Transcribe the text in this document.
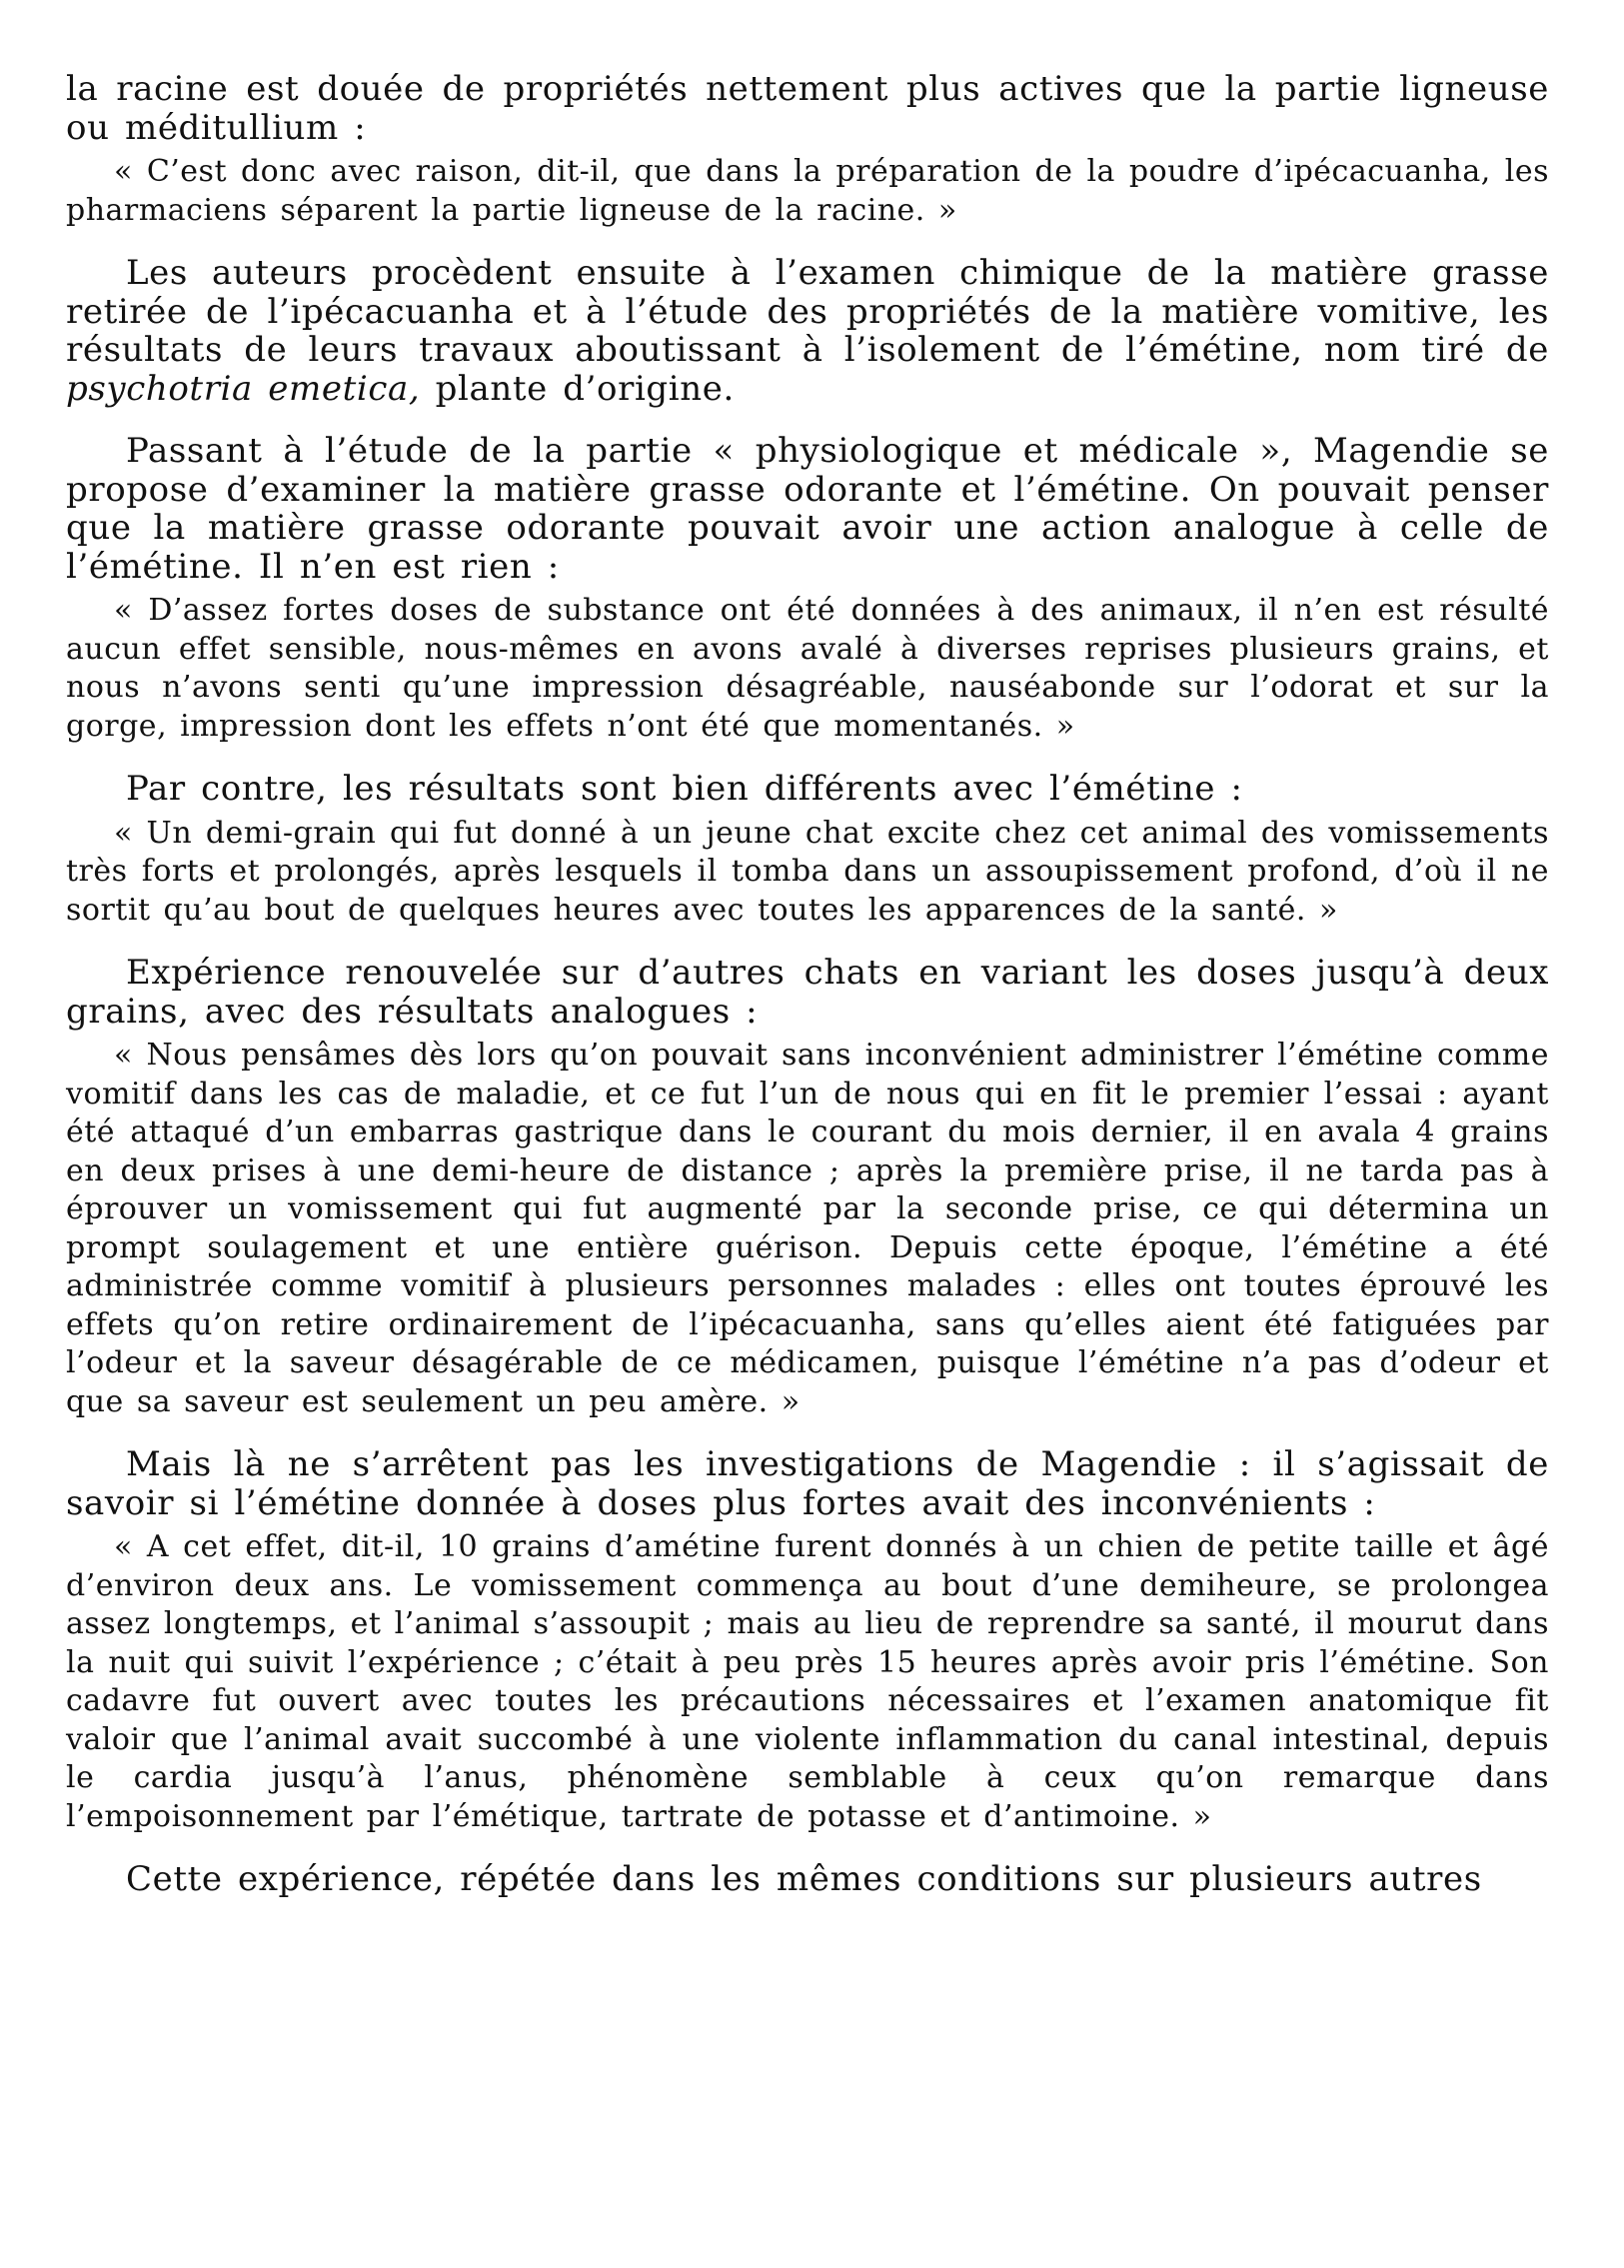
la racine est douée de propriétés nettement plus actives que la partie ligneuse ou méditullium :

« C’est donc avec raison, dit-il, que dans la préparation de la poudre d’ipécacuanha, les pharmaciens séparent la partie ligneuse de la racine. »

Les auteurs procèdent ensuite à l’examen chimique de la matière grasse retirée de l’ipécacuanha et à l’étude des propriétés de la matière vomitive, les résultats de leurs travaux aboutissant à l’isolement de l’émétine, nom tiré de psychotria emetica, plante d’origine.

Passant à l’étude de la partie « physiologique et médicale », Magendie se propose d’examiner la matière grasse odorante et l’émétine. On pouvait penser que la matière grasse odorante pouvait avoir une action analogue à celle de l’émétine. Il n’en est rien :

« D’assez fortes doses de substance ont été données à des animaux, il n’en est résulté aucun effet sensible, nous-mêmes en avons avalé à diverses reprises plusieurs grains, et nous n’avons senti qu’une impression désagréable, nauséabonde sur l’odorat et sur la gorge, impression dont les effets n’ont été que momentanés. »

Par contre, les résultats sont bien différents avec l’émétine :

« Un demi-grain qui fut donné à un jeune chat excite chez cet animal des vomissements très forts et prolongés, après lesquels il tomba dans un assoupissement profond, d’où il ne sortit qu’au bout de quelques heures avec toutes les apparences de la santé. »

Expérience renouvelée sur d’autres chats en variant les doses jusqu’à deux grains, avec des résultats analogues :

« Nous pensâmes dès lors qu’on pouvait sans inconvénient administrer l’émétine comme vomitif dans les cas de maladie, et ce fut l’un de nous qui en fit le premier l’essai : ayant été attaqué d’un embarras gastrique dans le courant du mois dernier, il en avala 4 grains en deux prises à une demi-heure de distance ; après la première prise, il ne tarda pas à éprouver un vomissement qui fut augmenté par la seconde prise, ce qui détermina un prompt soulagement et une entière guérison. Depuis cette époque, l’émétine a été administrée comme vomitif à plusieurs personnes malades : elles ont toutes éprouvé les effets qu’on retire ordinairement de l’ipécacuanha, sans qu’elles aient été fatiguées par l’odeur et la saveur désagérable de ce médicamen, puisque l’émétine n’a pas d’odeur et que sa saveur est seulement un peu amère. »

Mais là ne s’arrêtent pas les investigations de Magendie : il s’agissait de savoir si l’émétine donnée à doses plus fortes avait des inconvénients :

« A cet effet, dit-il, 10 grains d’amétine furent donnés à un chien de petite taille et âgé d’environ deux ans. Le vomissement commença au bout d’une demiheure, se prolongea assez longtemps, et l’animal s’assoupit ; mais au lieu de reprendre sa santé, il mourut dans la nuit qui suivit l’expérience ; c’était à peu près 15 heures après avoir pris l’émétine. Son cadavre fut ouvert avec toutes les précautions nécessaires et l’examen anatomique fit valoir que l’animal avait succombé à une violente inflammation du canal intestinal, depuis le cardia jusqu’à l’anus, phénomène semblable à ceux qu’on remarque dans l’empoisonnement par l’émétique, tartrate de potasse et d’antimoine. »

Cette expérience, répétée dans les mêmes conditions sur plusieurs autres
